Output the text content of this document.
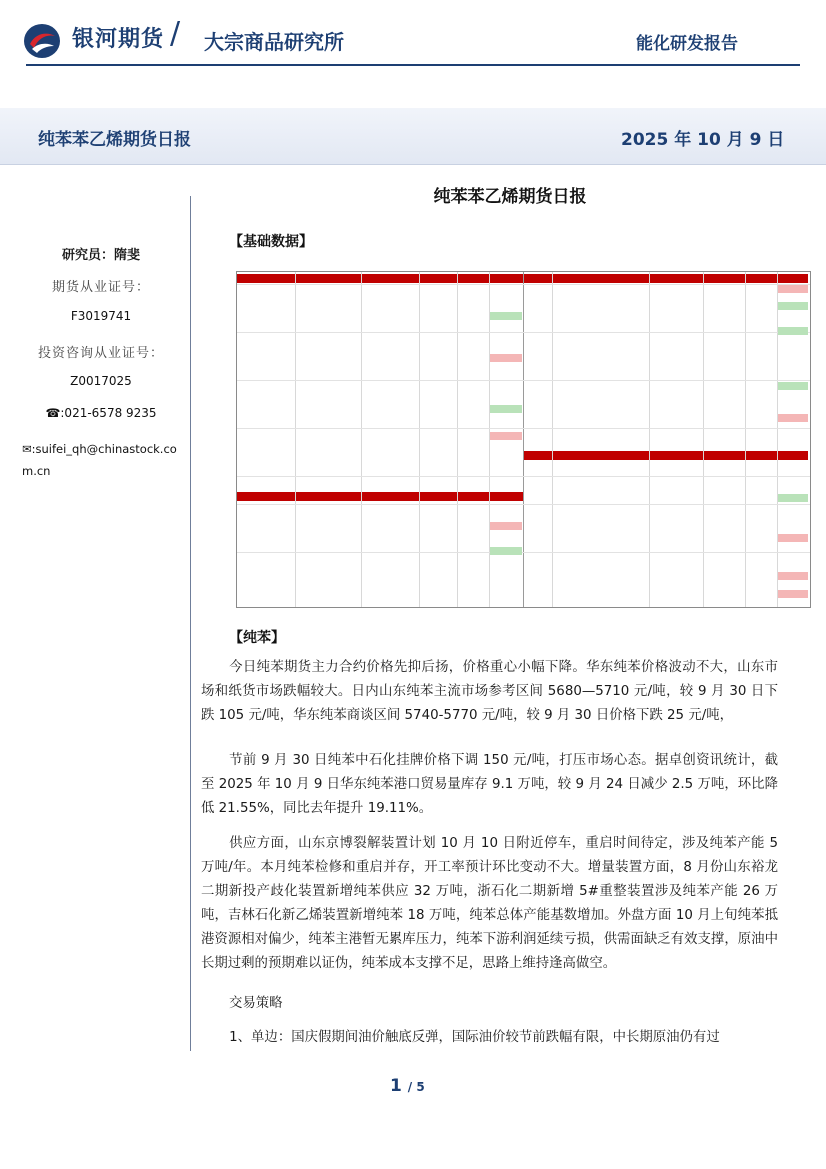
银河期货 / 大宗商品研究所	能化研发报告
纯苯苯乙烯期货日报	2025 年 10 月 9 日
研究员：隋斐
期货从业证号：
F3019741
投资咨询从业证号：
Z0017025
☎:021-6578 9235
✉:suifei_qh@chinastock.com.cn
纯苯苯乙烯期货日报
【基础数据】
【纯苯】
今日纯苯期货主力合约价格先抑后扬，价格重心小幅下降。华东纯苯价格波动不大，山东市场和纸货市场跌幅较大。日内山东纯苯主流市场参考区间 5680—5710 元/吨，较 9 月 30 日下跌 105 元/吨，华东纯苯商谈区间 5740-5770 元/吨，较 9 月 30 日价格下跌 25 元/吨，
节前 9 月 30 日纯苯中石化挂牌价格下调 150 元/吨，打压市场心态。据卓创资讯统计，截至 2025 年 10 月 9 日华东纯苯港口贸易量库存 9.1 万吨，较 9 月 24 日减少 2.5 万吨，环比降低 21.55%，同比去年提升 19.11%。
供应方面，山东京博裂解装置计划 10 月 10 日附近停车，重启时间待定，涉及纯苯产能 5 万吨/年。本月纯苯检修和重启并存，开工率预计环比变动不大。增量装置方面，8 月份山东裕龙二期新投产歧化装置新增纯苯供应 32 万吨，浙石化二期新增 5#重整装置涉及纯苯产能 26 万吨，吉林石化新乙烯装置新增纯苯 18 万吨，纯苯总体产能基数增加。外盘方面 10 月上旬纯苯抵港资源相对偏少，纯苯主港暂无累库压力，纯苯下游利润延续亏损，供需面缺乏有效支撑，原油中长期过剩的预期难以证伪，纯苯成本支撑不足，思路上维持逢高做空。
交易策略
1、单边：国庆假期间油价触底反弹，国际油价较节前跌幅有限，中长期原油仍有过
1 / 5
